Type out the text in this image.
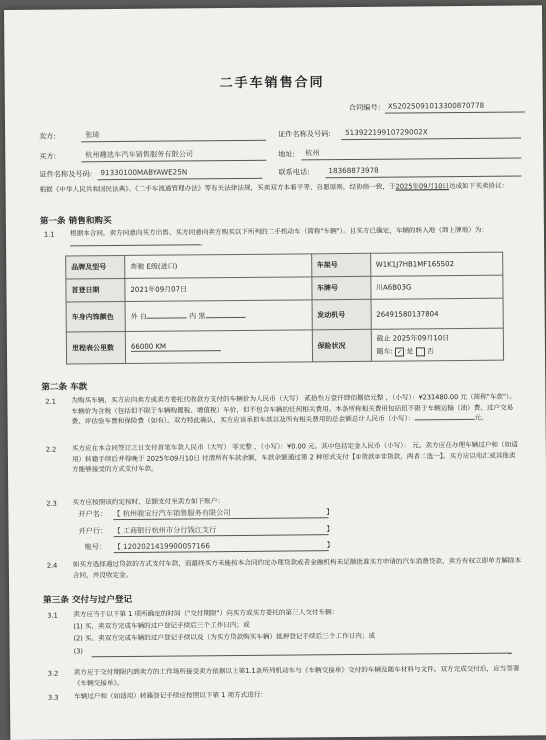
二手车销售合同
合同编号： XS2025091013300870778
卖方:	张琦	证件名称及号码: 51392219910729002X
买方:	杭州趣选车汽车销售服务有限公司	地址: 杭州
证件名称及号码: 91330100MABYAWE25N	联系电话:	18368873978
根据《中华人民共和国民法典》、《二手车流通管理办法》等有关法律法规，买卖双方本着平等、自愿原则，经协商一致，于2025年09月10日达成如下买卖协议：
第一条 销售和购买
1.1 根据本合同，卖方同意向买方出售、买方同意向卖方购买以下所列的二手机动车（简称"车辆"）。且买方已确定，车辆的转入地（卸上牌地）为：。
品牌及型号	奔驰 E级(进口)	车架号	W1K1J7HB1MF165502
首登日期	2021年09月07日	车牌号	川A6B03G
车身内饰颜色	外 白 内 黑	发动机号	26491580137804
里程表公里数	66000 KM	保险状况	截止 2025年09月10日
随车: ✓ 是 否
第二条 车款
2.1 为购买车辆，买方应向卖方或卖方委托代收款方支付的车辆价为人民币（大写） 贰拾叁万壹仟肆佰捌拾元整 ，（小写）：¥231480.00 元（简称"车款"）。车辆价为含税（包括但不限于车辆购置税、增值税）车价，但不包含车辆的任何相关费用。本条所称相关费用包括但不限于车辆运输（油）费、过户交易费、评估验车费和保险费（如有）。双方特此确认，买方应该承担车款以及所有相关费用的总金额总计人民币（小写）：	元。
2.2 买方应在本合同签订之日支付首笔车款人民币（大写） 零元整 ，（小写）：¥0.00 元。其中包括定金人民币（小写）： 元。卖方应在办理车辆过户和（如适用）转籍手续后并得晚于 2025年09月10日 付清所有车款余额，车款余额通过第 2 种形式支付【①货款②非货款，两者二选一】。买方应以电汇或其他卖方能够接受的方式支付车款。
2.3 买方应按照该约定按时、足额支付至卖方如下账户：
开户名： 【 杭州骏宝行汽车销售服务有限公司	】
开户行： 【 工商银行杭州市分行钱江支行	】
账号： 【 1202021419900057166	】
2.4 如买方选择通过贷款的方式支付车款，而最终买方未能按本合同约定办理贷款或者金融机构未足额批准买方申请的汽车消费贷款，卖方有权立即单方解除本合同，并没收定金。
第三条 交付与过户登记
3.1 卖方应当于以下第 1 项所确定的时间（"交付期限"）向买方或买方委托的第三人交付车辆：
(1) 买、卖双方完成车辆的过户登记手续后三个工作日内；或
(2) 买、卖双方完成车辆的过户登记手续以及（为买方贷款购买车辆）抵押登记手续后三个工作日内；或
(3)
3.2 卖方应于交付期限内到卖方的工作场所接受卖方依据以上第1.1条所列机动车与《车辆交接单》交付的车辆及随车材料与文件。双方完成交付后，应当签署《车辆交接单》。
3.3 车辆过户和（如适用）转籍登记手续应按照以下第 1 项方式进行：
